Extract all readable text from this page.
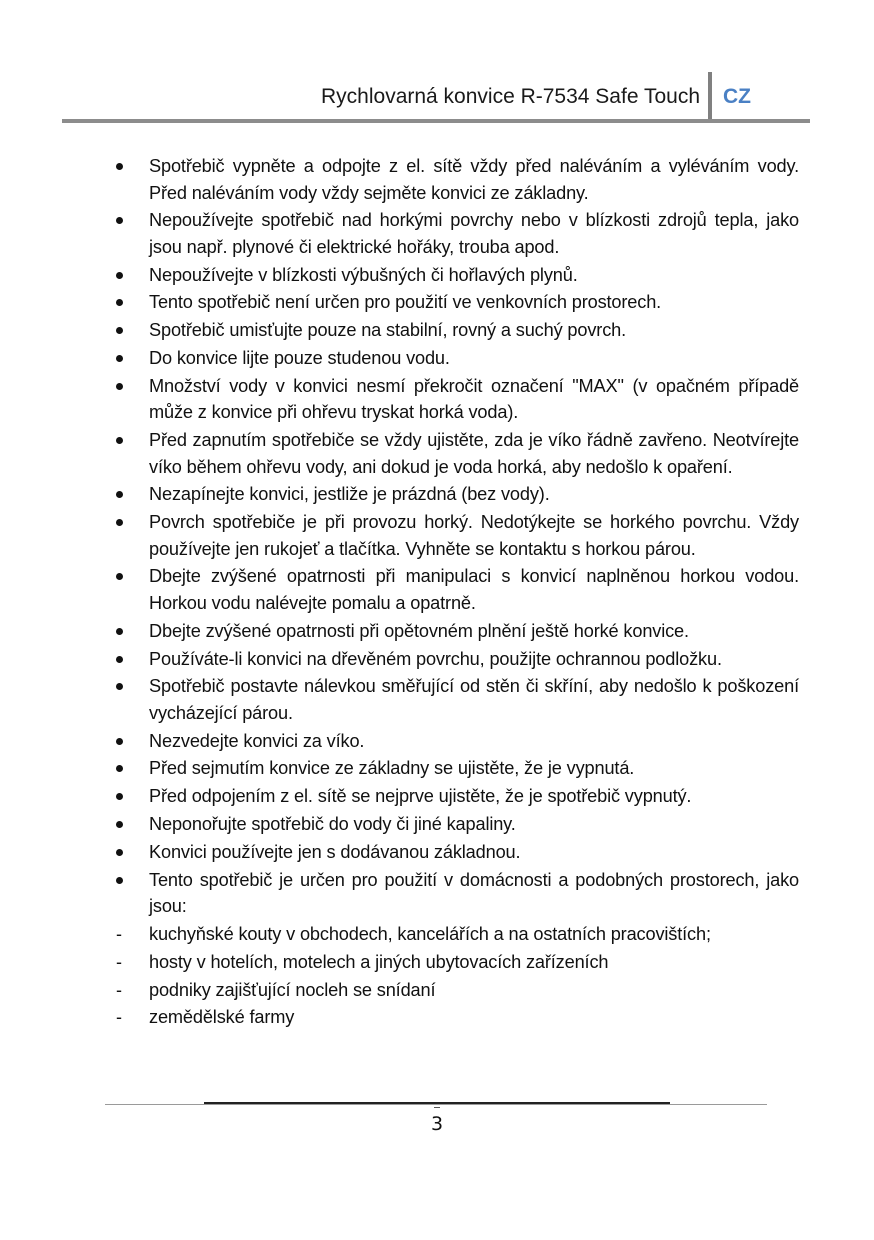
Rychlovarná konvice R-7534 Safe Touch CZ
Spotřebič vypněte a odpojte z el. sítě vždy před naléváním a vyléváním vody. Před naléváním vody vždy sejměte konvici ze základny.
Nepoužívejte spotřebič nad horkými povrchy nebo v blízkosti zdrojů tepla, jako jsou např. plynové či elektrické hořáky, trouba apod.
Nepoužívejte v blízkosti výbušných či hořlavých plynů.
Tento spotřebič není určen pro použití ve venkovních prostorech.
Spotřebič umisťujte pouze na stabilní, rovný a suchý povrch.
Do konvice lijte pouze studenou vodu.
Množství vody v konvici nesmí překročit označení "MAX" (v opačném případě může z konvice při ohřevu tryskat horká voda).
Před zapnutím spotřebiče se vždy ujistěte, zda je víko řádně zavřeno. Neotvírejte víko během ohřevu vody, ani dokud je voda horká, aby nedošlo k opaření.
Nezapínejte konvici, jestliže je prázdná (bez vody).
Povrch spotřebiče je při provozu horký. Nedotýkejte se horkého povrchu. Vždy používejte jen rukojeť a tlačítka. Vyhněte se kontaktu s horkou párou.
Dbejte zvýšené opatrnosti při manipulaci s konvicí naplněnou horkou vodou. Horkou vodu nalévejte pomalu a opatrně.
Dbejte zvýšené opatrnosti při opětovném plnění ještě horké konvice.
Používáte-li konvici na dřevěném povrchu, použijte ochrannou podložku.
Spotřebič postavte nálevkou směřující od stěn či skříní, aby nedošlo k poškození vycházející párou.
Nezvedejte konvici za víko.
Před sejmutím konvice ze základny se ujistěte, že je vypnutá.
Před odpojením z el. sítě se nejprve ujistěte, že je spotřebič vypnutý.
Neponořujte spotřebič do vody či jiné kapaliny.
Konvici používejte jen s dodávanou základnou.
Tento spotřebič je určen pro použití v domácnosti a podobných prostorech, jako jsou:
kuchyňské kouty v obchodech, kancelářích a na ostatních pracovištích;
hosty v hotelích, motelech a jiných ubytovacích zařízeních
podniky zajišťující nocleh se snídaní
zemědělské farmy
3
